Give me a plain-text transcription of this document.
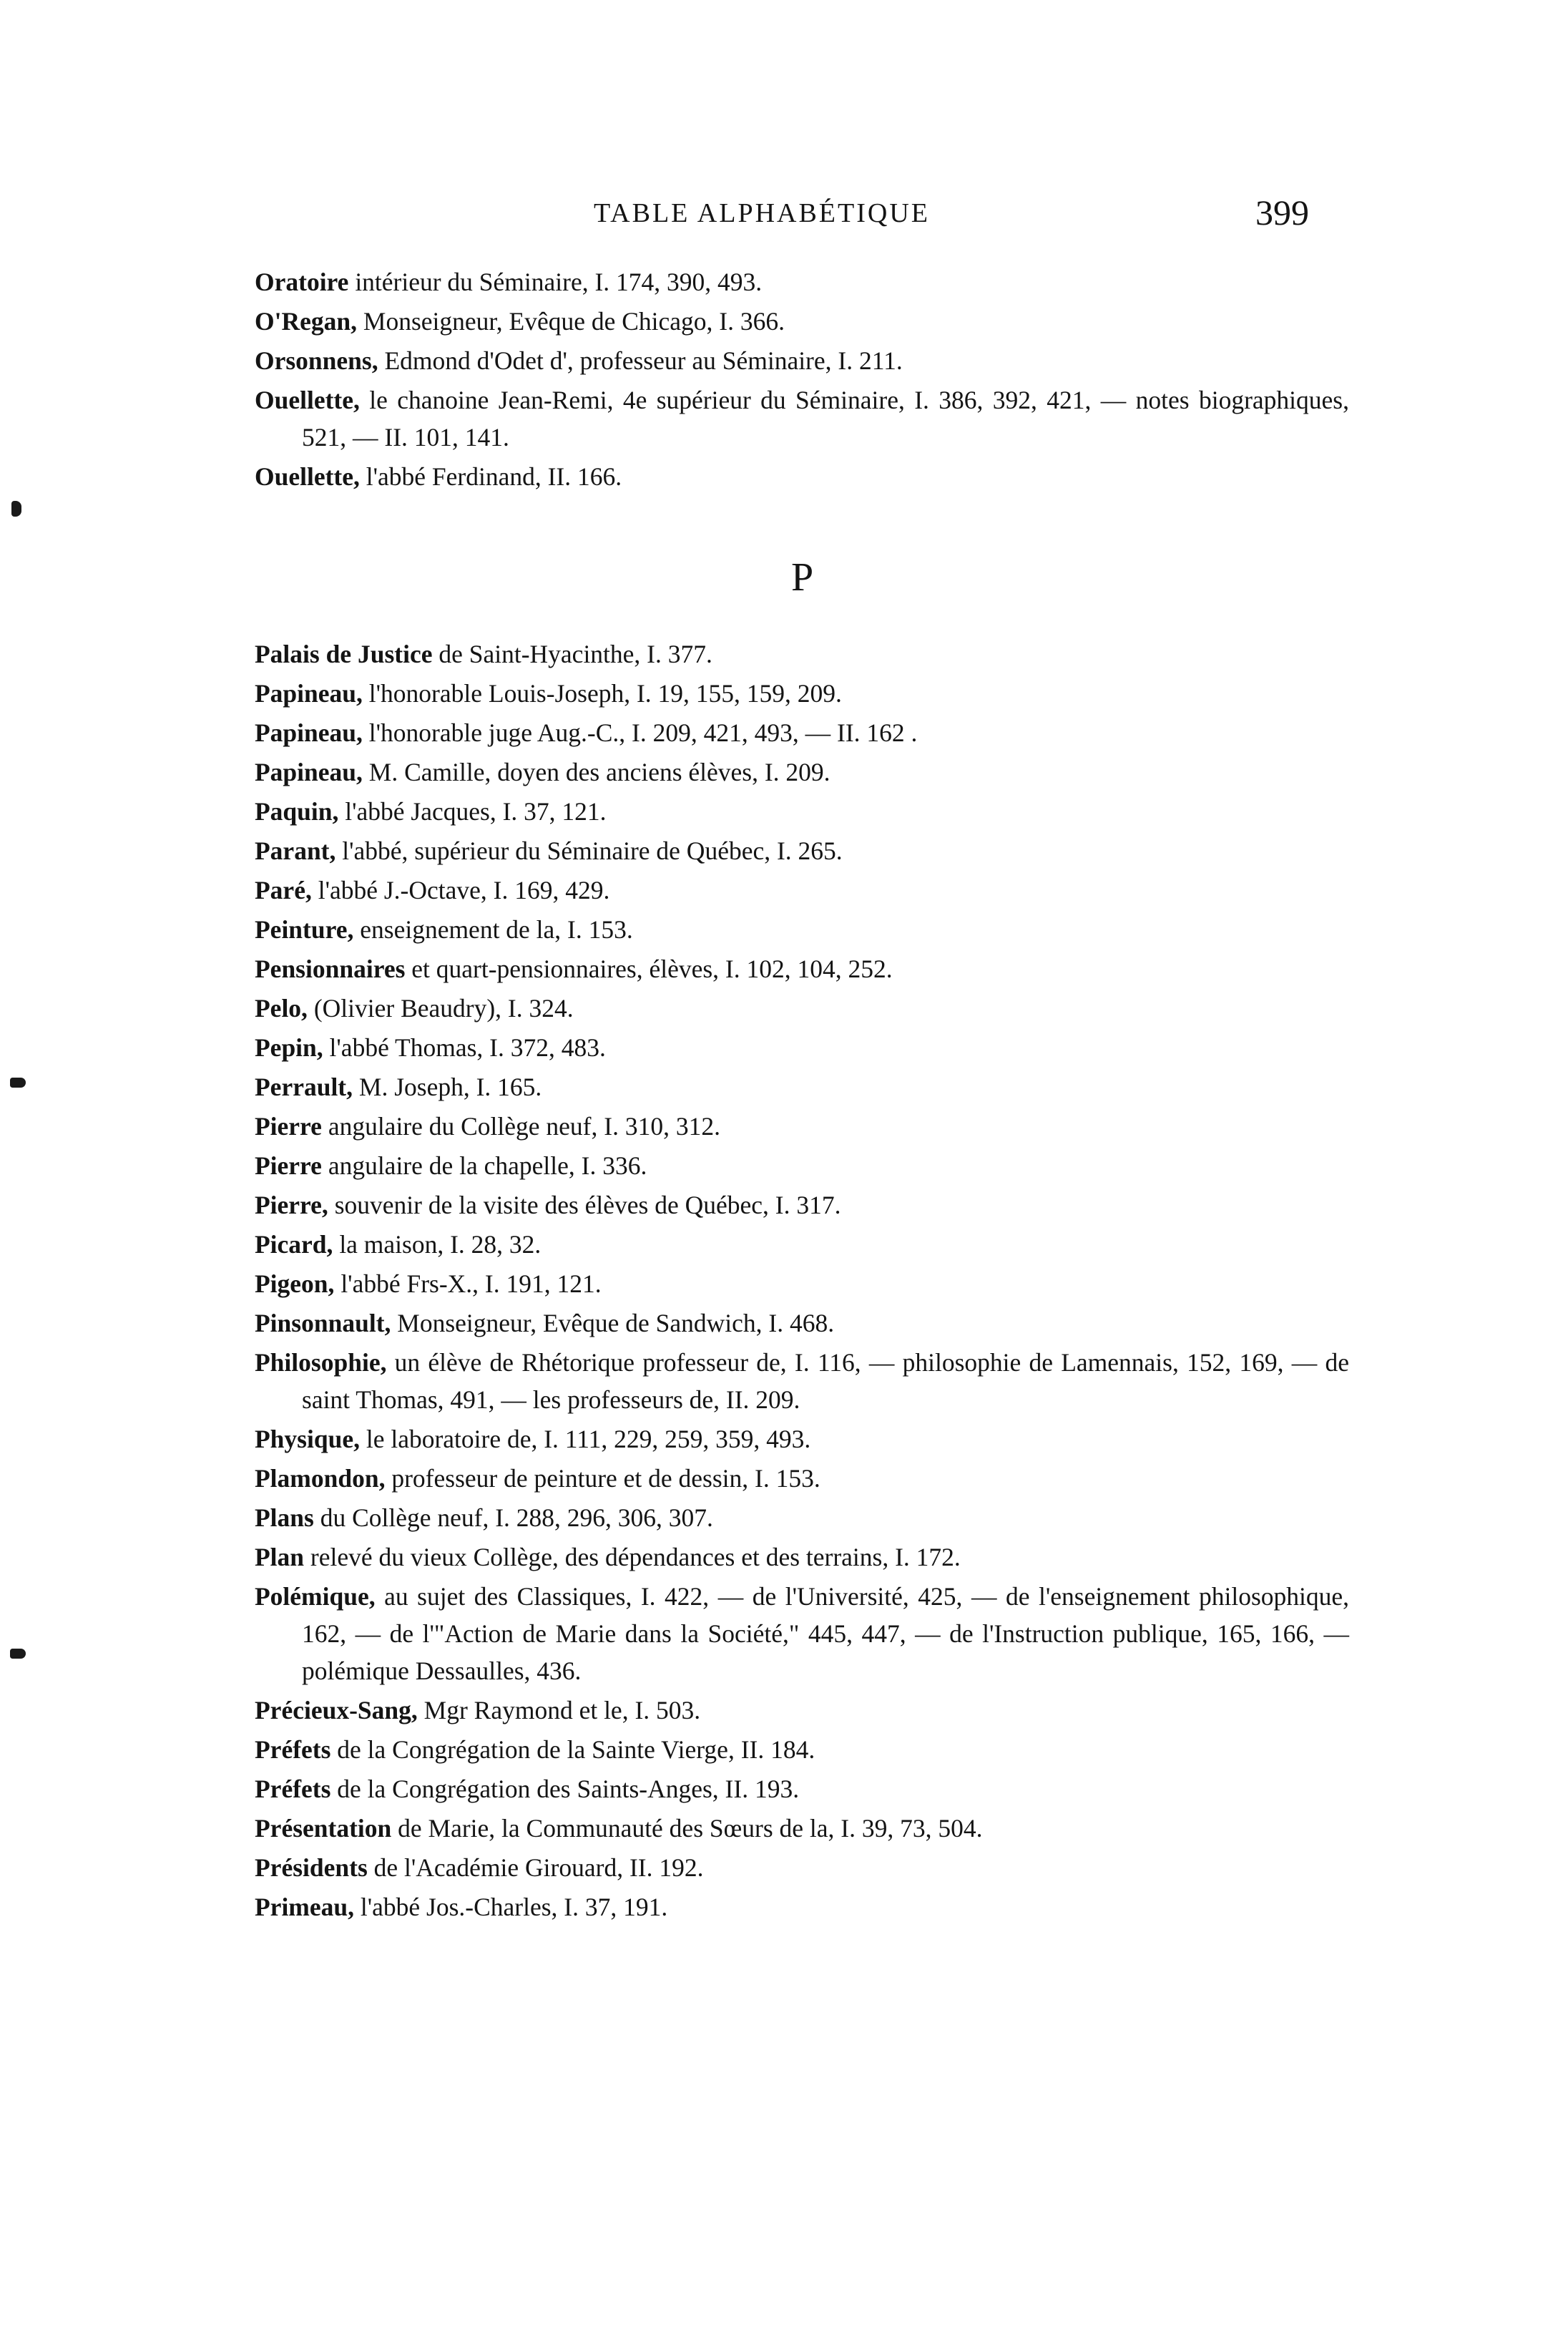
TABLE ALPHABÉTIQUE	399

Oratoire intérieur du Séminaire, I. 174, 390, 493.

O'Regan, Monseigneur, Evêque de Chicago, I. 366.

Orsonnens, Edmond d'Odet d', professeur au Séminaire, I. 211.

Ouellette, le chanoine Jean-Remi, 4e supérieur du Séminaire, I. 386, 392, 421, — notes biographiques, 521, — II. 101, 141.

Ouellette, l'abbé Ferdinand, II. 166.

P

Palais de Justice de Saint-Hyacinthe, I. 377.

Papineau, l'honorable Louis-Joseph, I. 19, 155, 159, 209.

Papineau, l'honorable juge Aug.-C., I. 209, 421, 493, — II. 162 .

Papineau, M. Camille, doyen des anciens élèves, I. 209.

Paquin, l'abbé Jacques, I. 37, 121.

Parant, l'abbé, supérieur du Séminaire de Québec, I. 265.

Paré, l'abbé J.-Octave, I. 169, 429.

Peinture, enseignement de la, I. 153.

Pensionnaires et quart-pensionnaires, élèves, I. 102, 104, 252.

Pelo, (Olivier Beaudry), I. 324.

Pepin, l'abbé Thomas, I. 372, 483.

Perrault, M. Joseph, I. 165.

Pierre angulaire du Collège neuf, I. 310, 312.

Pierre angulaire de la chapelle, I. 336.

Pierre, souvenir de la visite des élèves de Québec, I. 317.

Picard, la maison, I. 28, 32.

Pigeon, l'abbé Frs-X., I. 191, 121.

Pinsonnault, Monseigneur, Evêque de Sandwich, I. 468.

Philosophie, un élève de Rhétorique professeur de, I. 116, — philosophie de Lamennais, 152, 169, — de saint Thomas, 491, — les professeurs de, II. 209.

Physique, le laboratoire de, I. 111, 229, 259, 359, 493.

Plamondon, professeur de peinture et de dessin, I. 153.

Plans du Collège neuf, I. 288, 296, 306, 307.

Plan relevé du vieux Collège, des dépendances et des terrains, I. 172.

Polémique, au sujet des Classiques, I. 422, — de l'Université, 425, — de l'enseignement philosophique, 162, — de l'"Action de Marie dans la Société," 445, 447, — de l'Instruction publique, 165, 166, — polémique Dessaulles, 436.

Précieux-Sang, Mgr Raymond et le, I. 503.

Préfets de la Congrégation de la Sainte Vierge, II. 184.

Préfets de la Congrégation des Saints-Anges, II. 193.

Présentation de Marie, la Communauté des Sœurs de la, I. 39, 73, 504.

Présidents de l'Académie Girouard, II. 192.

Primeau, l'abbé Jos.-Charles, I. 37, 191.
